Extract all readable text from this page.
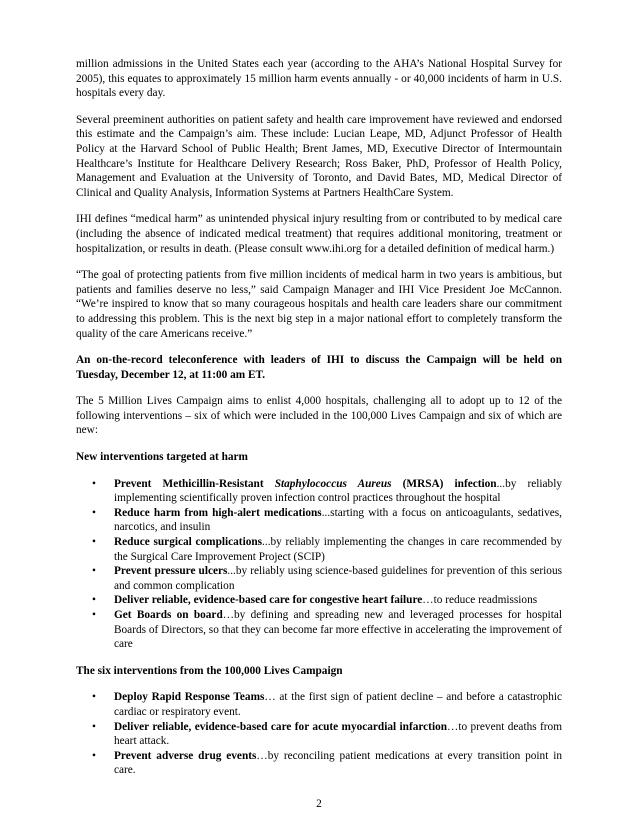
million admissions in the United States each year (according to the AHA’s National Hospital Survey for 2005), this equates to approximately 15 million harm events annually - or 40,000 incidents of harm in U.S. hospitals every day.

Several preeminent authorities on patient safety and health care improvement have reviewed and endorsed this estimate and the Campaign’s aim. These include: Lucian Leape, MD, Adjunct Professor of Health Policy at the Harvard School of Public Health; Brent James, MD, Executive Director of Intermountain Healthcare’s Institute for Healthcare Delivery Research; Ross Baker, PhD, Professor of Health Policy, Management and Evaluation at the University of Toronto, and David Bates, MD, Medical Director of Clinical and Quality Analysis, Information Systems at Partners HealthCare System.

IHI defines “medical harm” as unintended physical injury resulting from or contributed to by medical care (including the absence of indicated medical treatment) that requires additional monitoring, treatment or hospitalization, or results in death. (Please consult www.ihi.org for a detailed definition of medical harm.)

“The goal of protecting patients from five million incidents of medical harm in two years is ambitious, but patients and families deserve no less,” said Campaign Manager and IHI Vice President Joe McCannon. “We’re inspired to know that so many courageous hospitals and health care leaders share our commitment to addressing this problem. This is the next big step in a major national effort to completely transform the quality of the care Americans receive.”

An on-the-record teleconference with leaders of IHI to discuss the Campaign will be held on Tuesday, December 12, at 11:00 am ET.

The 5 Million Lives Campaign aims to enlist 4,000 hospitals, challenging all to adopt up to 12 of the following interventions – six of which were included in the 100,000 Lives Campaign and six of which are new:

New interventions targeted at harm

• Prevent Methicillin-Resistant Staphylococcus Aureus (MRSA) infection...by reliably implementing scientifically proven infection control practices throughout the hospital
• Reduce harm from high-alert medications...starting with a focus on anticoagulants, sedatives, narcotics, and insulin
• Reduce surgical complications...by reliably implementing the changes in care recommended by the Surgical Care Improvement Project (SCIP)
• Prevent pressure ulcers...by reliably using science-based guidelines for prevention of this serious and common complication
• Deliver reliable, evidence-based care for congestive heart failure…to reduce readmissions
• Get Boards on board…by defining and spreading new and leveraged processes for hospital Boards of Directors, so that they can become far more effective in accelerating the improvement of care

The six interventions from the 100,000 Lives Campaign

• Deploy Rapid Response Teams… at the first sign of patient decline – and before a catastrophic cardiac or respiratory event.
• Deliver reliable, evidence-based care for acute myocardial infarction…to prevent deaths from heart attack.
• Prevent adverse drug events…by reconciling patient medications at every transition point in care.
2
